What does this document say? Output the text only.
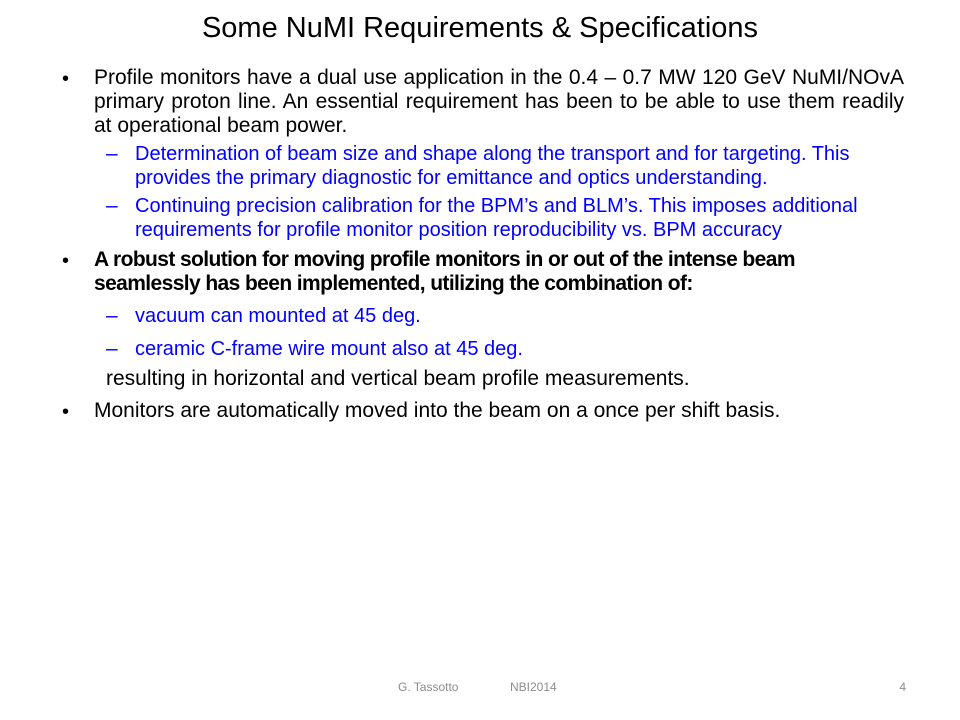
Some NuMI Requirements & Specifications
•	Profile monitors have a dual use application in the 0.4 – 0.7 MW 120 GeV NuMI/NOvA primary proton line. An essential requirement has been to be able to use them readily at operational beam power.
– Determination of beam size and shape along the transport and for targeting. This provides the primary diagnostic for emittance and optics understanding.
– Continuing precision calibration for the BPM’s and BLM’s. This imposes additional requirements for profile monitor position reproducibility vs. BPM accuracy
•	A robust solution for moving profile monitors in or out of the intense beam seamlessly has been implemented, utilizing the combination of:
– vacuum can mounted at 45 deg.
– ceramic C-frame wire mount also at 45 deg.
resulting in horizontal and vertical beam profile measurements.
•	Monitors are automatically moved into the beam on a once per shift basis.
G. Tassotto	NBI2014	4
